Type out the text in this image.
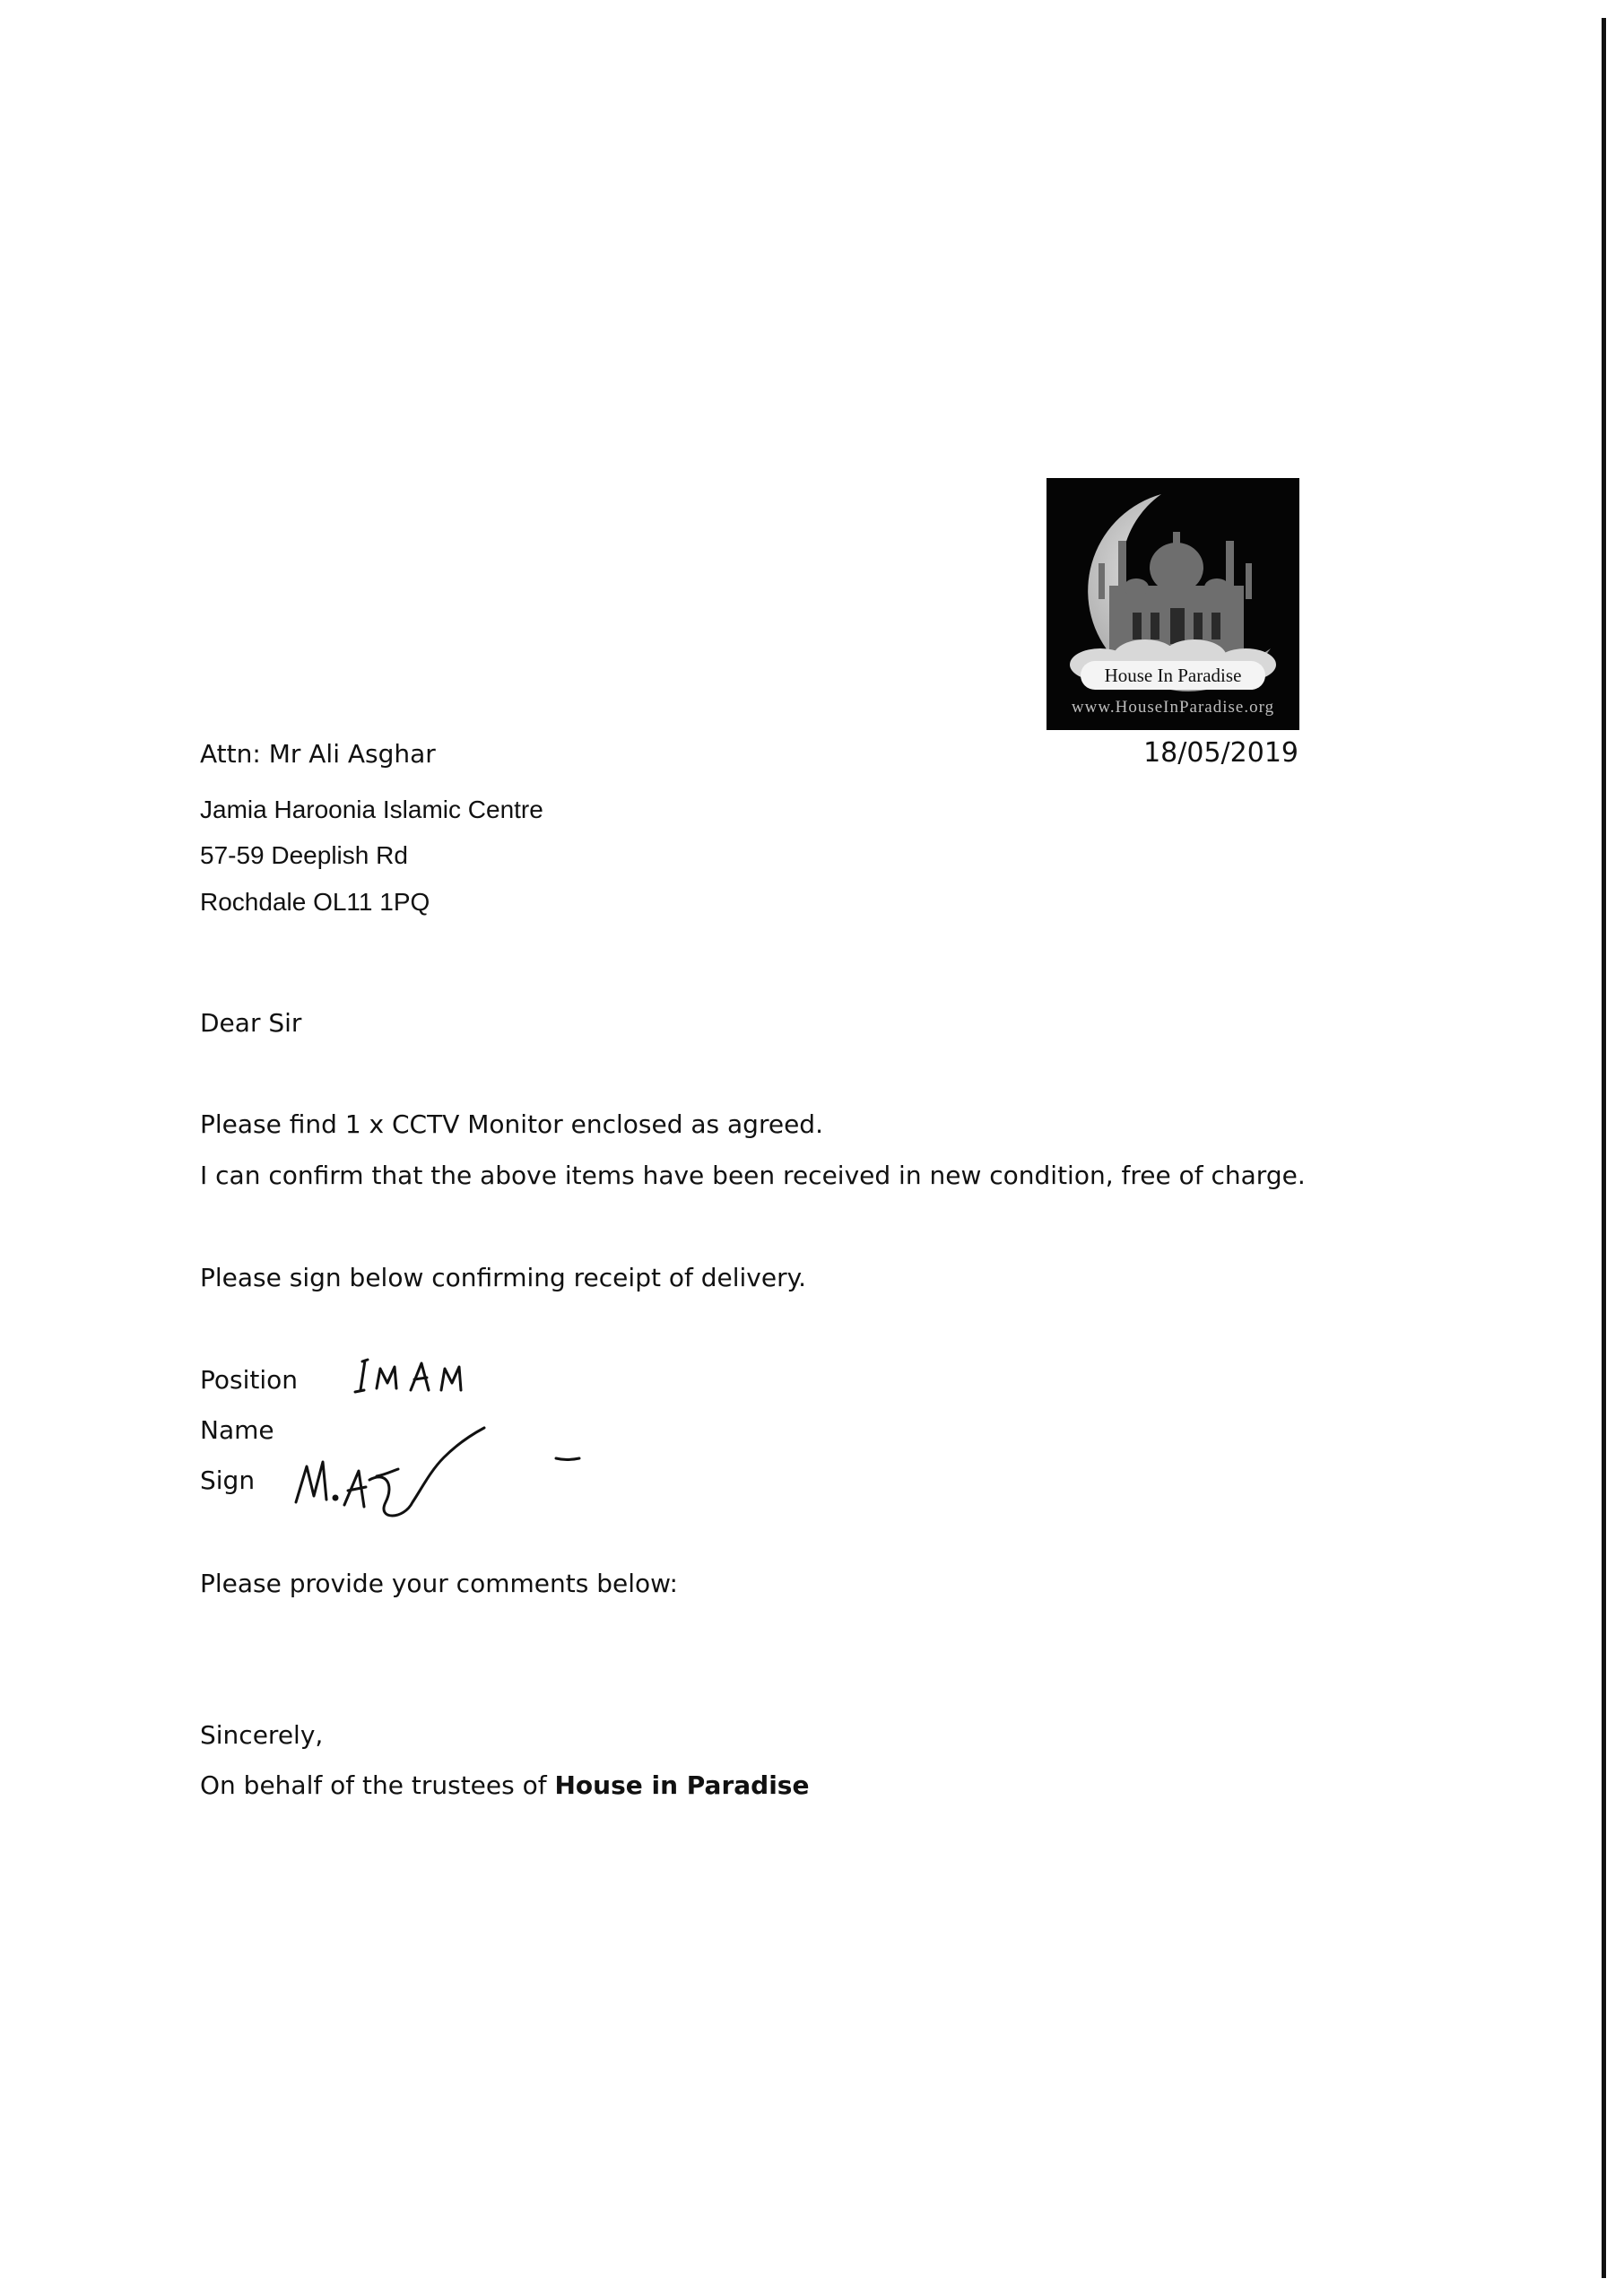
House In Paradise
www.HouseInParadise.org
Attn: Mr Ali Asghar	18/05/2019
Jamia Haroonia Islamic Centre
57-59 Deeplish Rd
Rochdale OL11 1PQ
Dear Sir
Please find 1 x CCTV Monitor enclosed as agreed.
I can confirm that the above items have been received in new condition, free of charge.
Please sign below confirming receipt of delivery.
Position
Name
Sign
Please provide your comments below:
Sincerely,
On behalf of the trustees of House in Paradise
